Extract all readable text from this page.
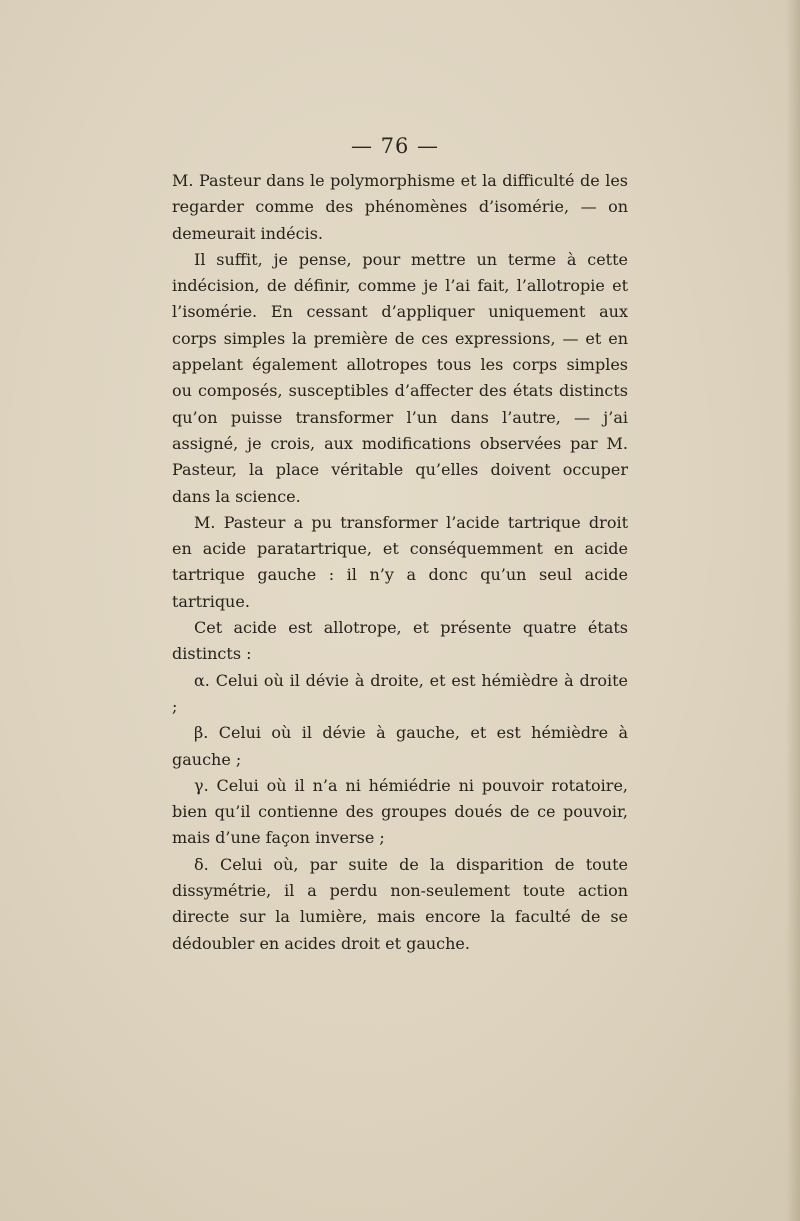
— 76 —

M. Pasteur dans le polymorphisme et la difficulté de les regarder comme des phénomènes d’isomérie, — on demeurait indécis.

Il suffit, je pense, pour mettre un terme à cette indécision, de définir, comme je l’ai fait, l’allotropie et l’isomérie. En cessant d’appliquer uniquement aux corps simples la première de ces expressions, — et en appelant également allotropes tous les corps simples ou composés, susceptibles d’affecter des états distincts qu’on puisse transformer l’un dans l’autre, — j’ai assigné, je crois, aux modifications observées par M. Pasteur, la place véritable qu’elles doivent occuper dans la science.

M. Pasteur a pu transformer l’acide tartrique droit en acide paratartrique, et conséquemment en acide tartrique gauche : il n’y a donc qu’un seul acide tartrique.

Cet acide est allotrope, et présente quatre états distincts :

α. Celui où il dévie à droite, et est hémièdre à droite ;

β. Celui où il dévie à gauche, et est hémièdre à gauche ;

γ. Celui où il n’a ni hémiédrie ni pouvoir rotatoire, bien qu’il contienne des groupes doués de ce pouvoir, mais d’une façon inverse ;

δ. Celui où, par suite de la disparition de toute dissymétrie, il a perdu non-seulement toute action directe sur la lumière, mais encore la faculté de se dédoubler en acides droit et gauche.
